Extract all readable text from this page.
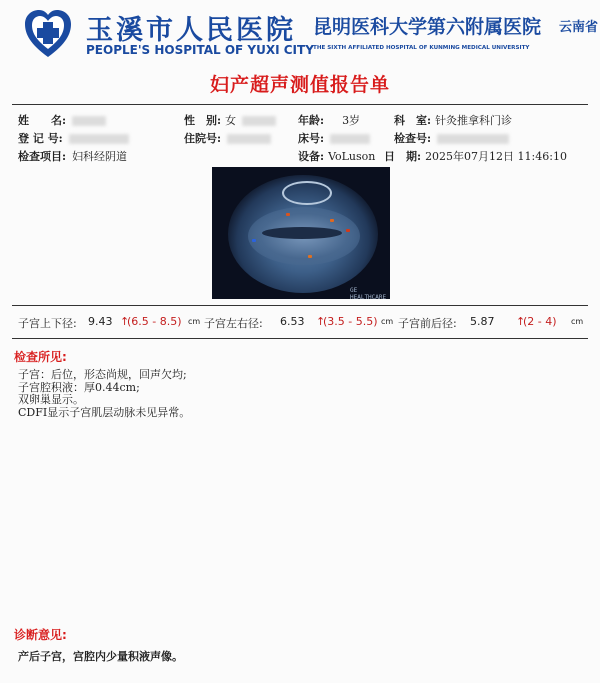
玉溪市人民医院
PEOPLE'S HOSPITAL OF YUXI CITY
昆明医科大学第六附属医院
THE SIXTH AFFILIATED HOSPITAL OF KUNMING MEDICAL UNIVERSITY
云南省
妇产超声测值报告单
姓　　名:	性　别: 女	年龄: 3岁	科　室: 针灸推拿科门诊
登 记 号:	住院号:	床号:	检查号:
检查项目: 妇科经阴道	设备: VoLuson 日　期: 2025年07月12日 11:46:10
GE HEALTHCARE
子宫上下径: 9.43 ↑
(6.5 - 8.5) cm 子宫左右径: 6.53 ↑
(3.5 - 5.5) cm 子宫前后径: 5.87 ↑
(2 - 4) cm
检查所见:
子宫：后位，形态尚规，回声欠均;
子宫腔积液：厚0.44cm;
双卵巢显示。
CDFI显示子宫肌层动脉未见异常。
诊断意见:
产后子宫，宫腔内少量积液声像。
